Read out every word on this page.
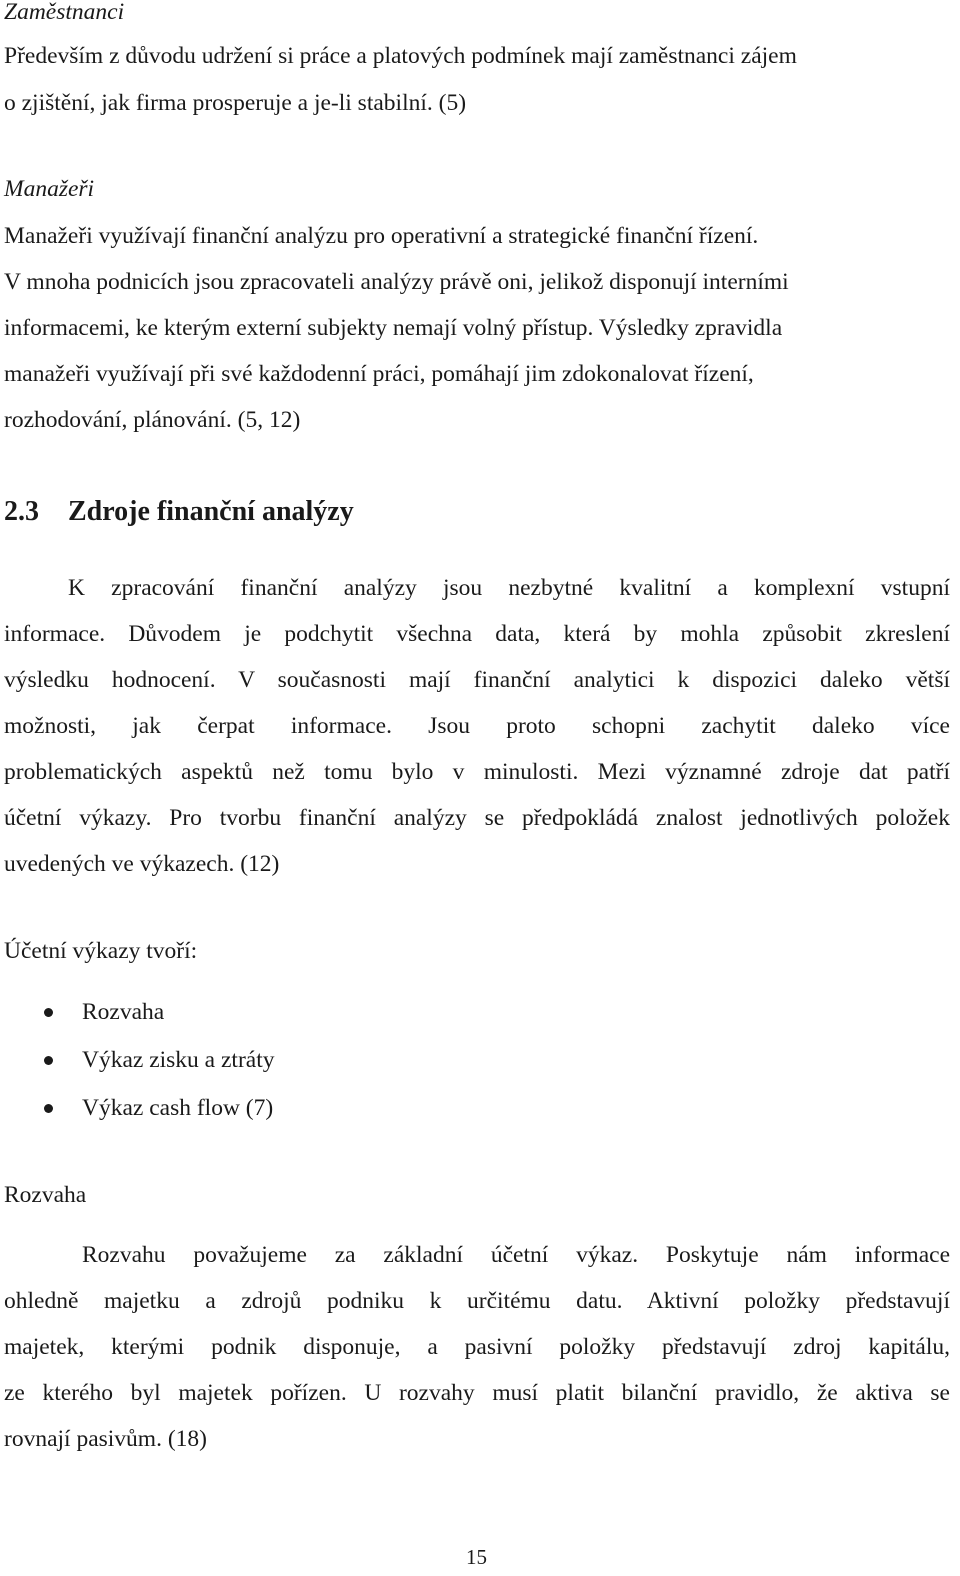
Zaměstnanci
Především z důvodu udržení si práce a platových podmínek mají zaměstnanci zájem
o zjištění, jak firma prosperuje a je-li stabilní. (5)
Manažeři
Manažeři využívají finanční analýzu pro operativní a strategické finanční řízení.
V mnoha podnicích jsou zpracovateli analýzy právě oni, jelikož disponují interními
informacemi, ke kterým externí subjekty nemají volný přístup. Výsledky zpravidla
manažeři využívají při své každodenní práci, pomáhají jim zdokonalovat řízení,
rozhodování, plánování. (5, 12)
2.3 Zdroje finanční analýzy
K zpracování finanční analýzy jsou nezbytné kvalitní a komplexní vstupní
informace. Důvodem je podchytit všechna data, která by mohla způsobit zkreslení
výsledku hodnocení. V současnosti mají finanční analytici k dispozici daleko větší
možnosti, jak čerpat informace. Jsou proto schopni zachytit daleko více
problematických aspektů než tomu bylo v minulosti. Mezi významné zdroje dat patří
účetní výkazy. Pro tvorbu finanční analýzy se předpokládá znalost jednotlivých položek
uvedených ve výkazech. (12)
Účetní výkazy tvoří:
Rozvaha
Výkaz zisku a ztráty
Výkaz cash flow (7)
Rozvaha
Rozvahu považujeme za základní účetní výkaz. Poskytuje nám informace
ohledně majetku a zdrojů podniku k určitému datu. Aktivní položky představují
majetek, kterými podnik disponuje, a pasivní položky představují zdroj kapitálu,
ze kterého byl majetek pořízen. U rozvahy musí platit bilanční pravidlo, že aktiva se
rovnají pasivům. (18)
15
